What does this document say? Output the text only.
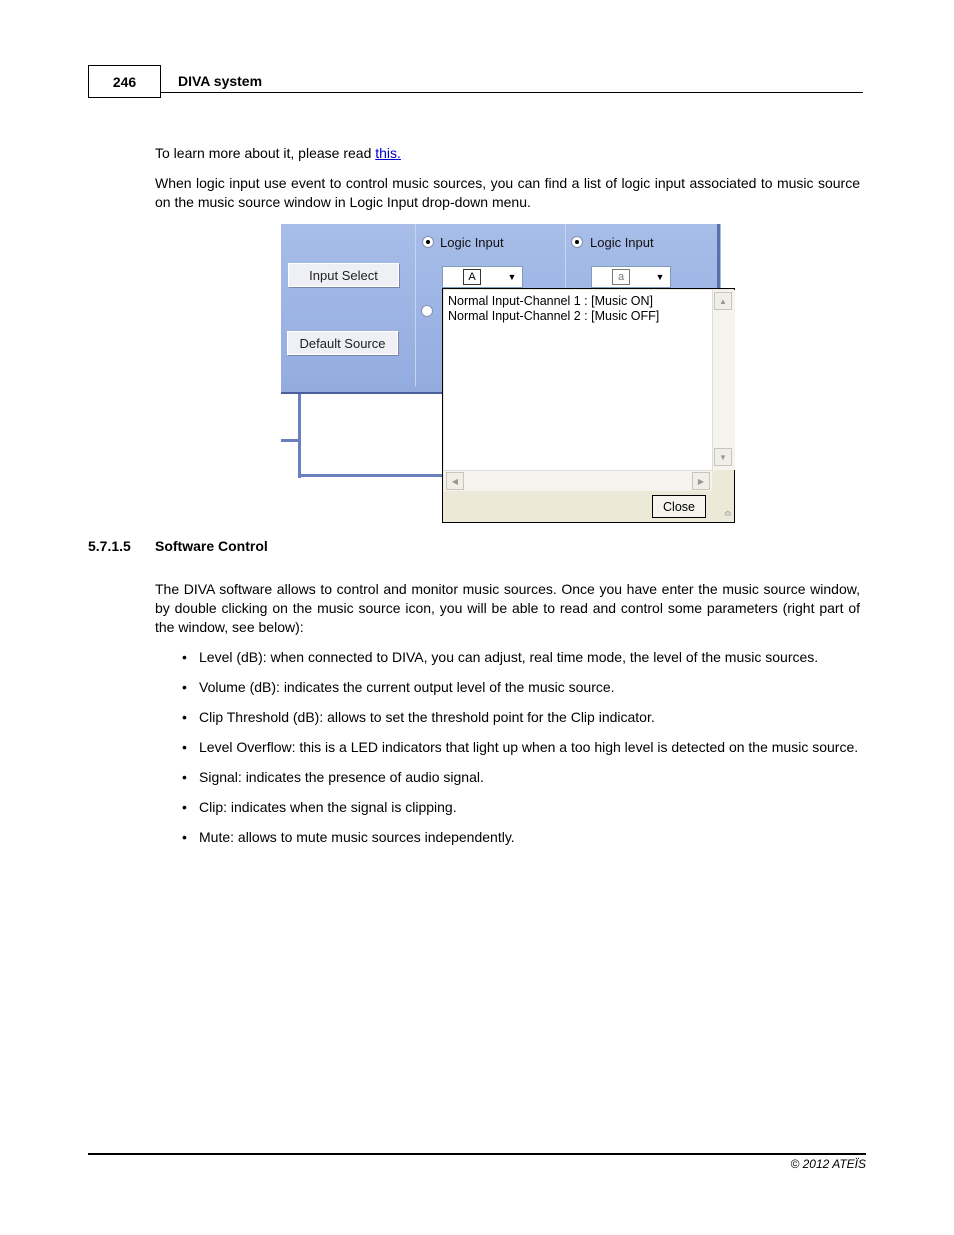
246	DIVA system
To learn more about it, please read this.
When logic input use event to control music sources, you can find a list of logic input associated to music source on the music source window in Logic Input drop-down menu.
Input Select
Default Source
Logic Input	Logic Input
A	▼	a	▼
Normal Input-Channel 1 : [Music ON]
Normal Input-Channel 2 : [Music OFF]
▲
▼
◀	▶
Close
≏
5.7.1.5 Software Control
The DIVA software allows to control and monitor music sources. Once you have enter the music source window, by double clicking on the music source icon, you will be able to read and control some parameters (right part of the window, see below):
• Level (dB): when connected to DIVA, you can adjust, real time mode, the level of the music sources.
• Volume (dB): indicates the current output level of the music source.
• Clip Threshold (dB): allows to set the threshold point for the Clip indicator.
• Level Overflow: this is a LED indicators that light up when a too high level is detected on the music source.
• Signal: indicates the presence of audio signal.
• Clip: indicates when the signal is clipping.
• Mute: allows to mute music sources independently.
© 2012 ATEÏS
